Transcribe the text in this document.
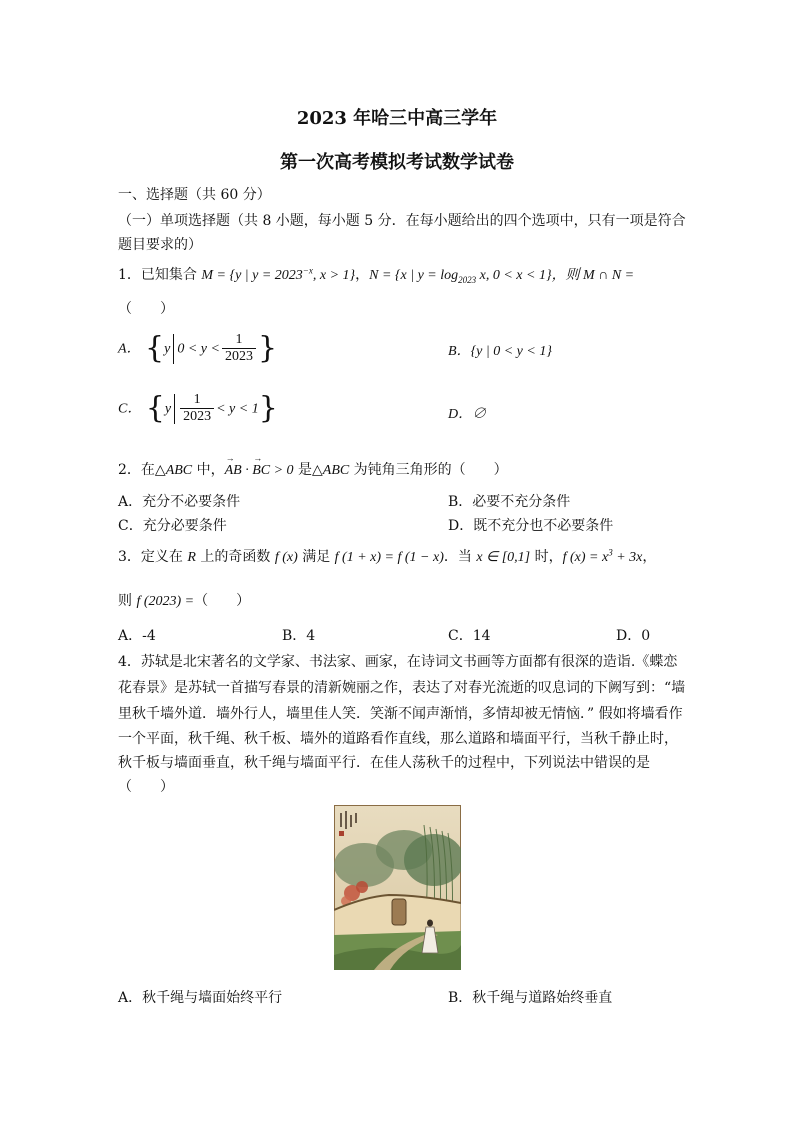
2023 年哈三中高三学年
第一次高考模拟考试数学试卷
一、选择题（共 60 分）
（一）单项选择题（共 8 小题，每小题 5 分．在每小题给出的四个选项中，只有一项是符合
题目要求的）
1．已知集合 M = {y | $y = 2023^{-x}$, x > 1}，N = {x | $y = \log_{2023} x$, 0 < x < 1}，则 M ∩ N =
（　　）
A． {y $0 < y < \frac{1}{2023}$ }	B．{y | 0 < y < 1}
C． $\{y \frac{1}{2023} < y < 1\}$	D．∅
2．在△ABC 中，
→
AB ·
→
BC > 0 是△ABC 为钝角三角形的（　　）
A．充分不必要条件	B．必要不充分条件
C．充分必要条件	D．既不充分也不必要条件
3．定义在 R 上的奇函数 f (x) 满足 f (1 + x) = f (1 − x)．当 x ∈ [0,1] 时，f $(x) = x^3 + 3x$，
则 f (2023) =（　　）
A．-4	B．4	C．14	D．0
4．苏轼是北宋著名的文学家、书法家、画家，在诗词文书画等方面都有很深的造诣.《蝶恋
花春景》是苏轼一首描写春景的清新婉丽之作，表达了对春光流逝的叹息词的下阙写到：“墙
里秋千墙外道．墙外行人，墙里佳人笑．笑渐不闻声渐悄，多情却被无情恼．” 假如将墙看作
一个平面，秋千绳、秋千板、墙外的道路看作直线，那么道路和墙面平行，当秋千静止时，
秋千板与墙面垂直，秋千绳与墙面平行．在佳人荡秋千的过程中，下列说法中错误的是
（　　）
A．秋千绳与墙面始终平行	B．秋千绳与道路始终垂直
